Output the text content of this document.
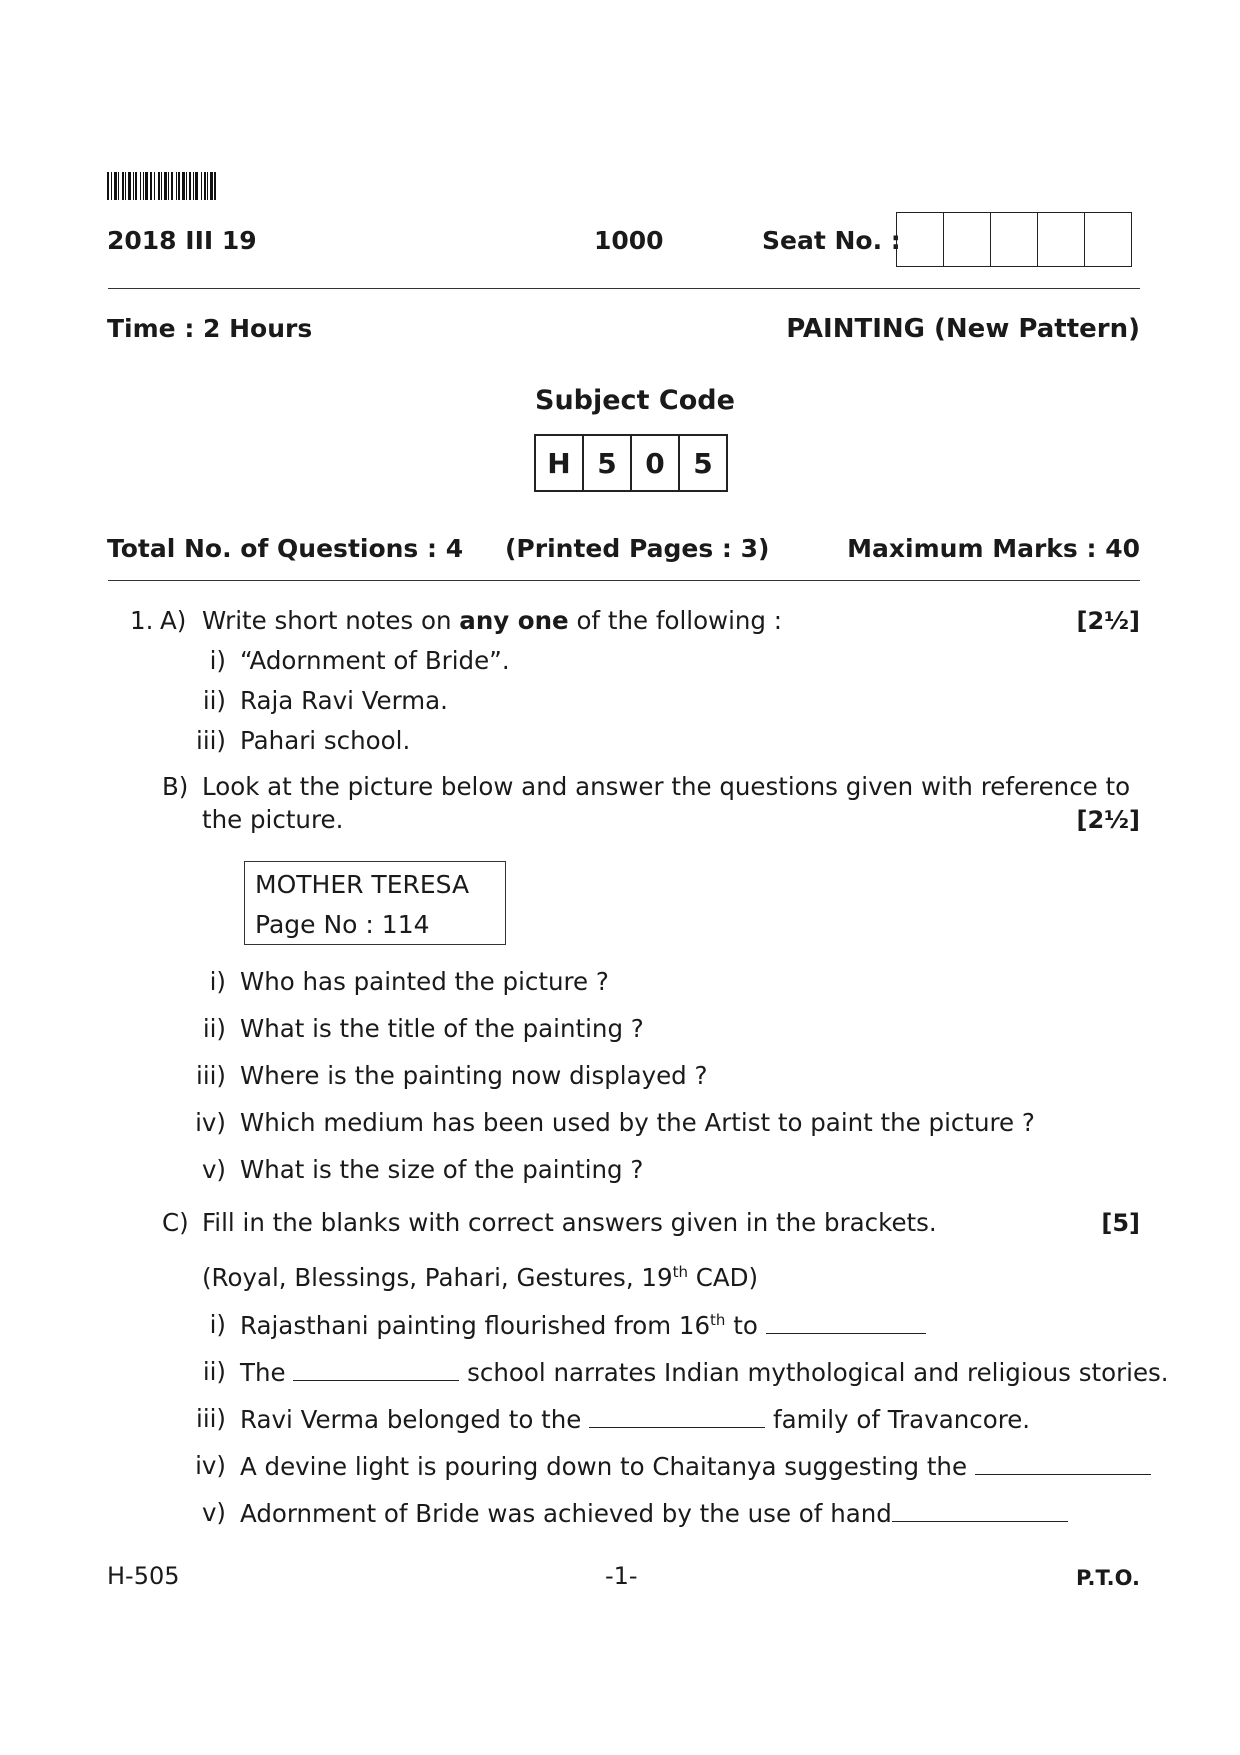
2018 III 19	1000	Seat No. :
Time : 2 Hours	PAINTING (New Pattern)
Subject Code
H 5	0	5
Total No. of Questions : 4 (Printed Pages : 3)	Maximum Marks : 40
1. A) Write short notes on any one of the following :	[2½]
i) “Adornment of Bride”.
ii) Raja Ravi Verma.
iii) Pahari school.
B) Look at the picture below and answer the questions given with reference to
the picture.	[2½]
MOTHER TERESA
Page No : 114
i) Who has painted the picture ?
ii) What is the title of the painting ?
iii) Where is the painting now displayed ?
iv) Which medium has been used by the Artist to paint the picture ?
v) What is the size of the painting ?
C) Fill in the blanks with correct answers given in the brackets.	[5]
(Royal, Blessings, Pahari, Gestures, 19th CAD)
i) Rajasthani painting flourished from 16th to
ii) The	school narrates Indian mythological and religious stories.
iii) Ravi Verma belonged to the	family of Travancore.
iv) A devine light is pouring down to Chaitanya suggesting the
v) Adornment of Bride was achieved by the use of hand
H-505	-1-	P.T.O.
